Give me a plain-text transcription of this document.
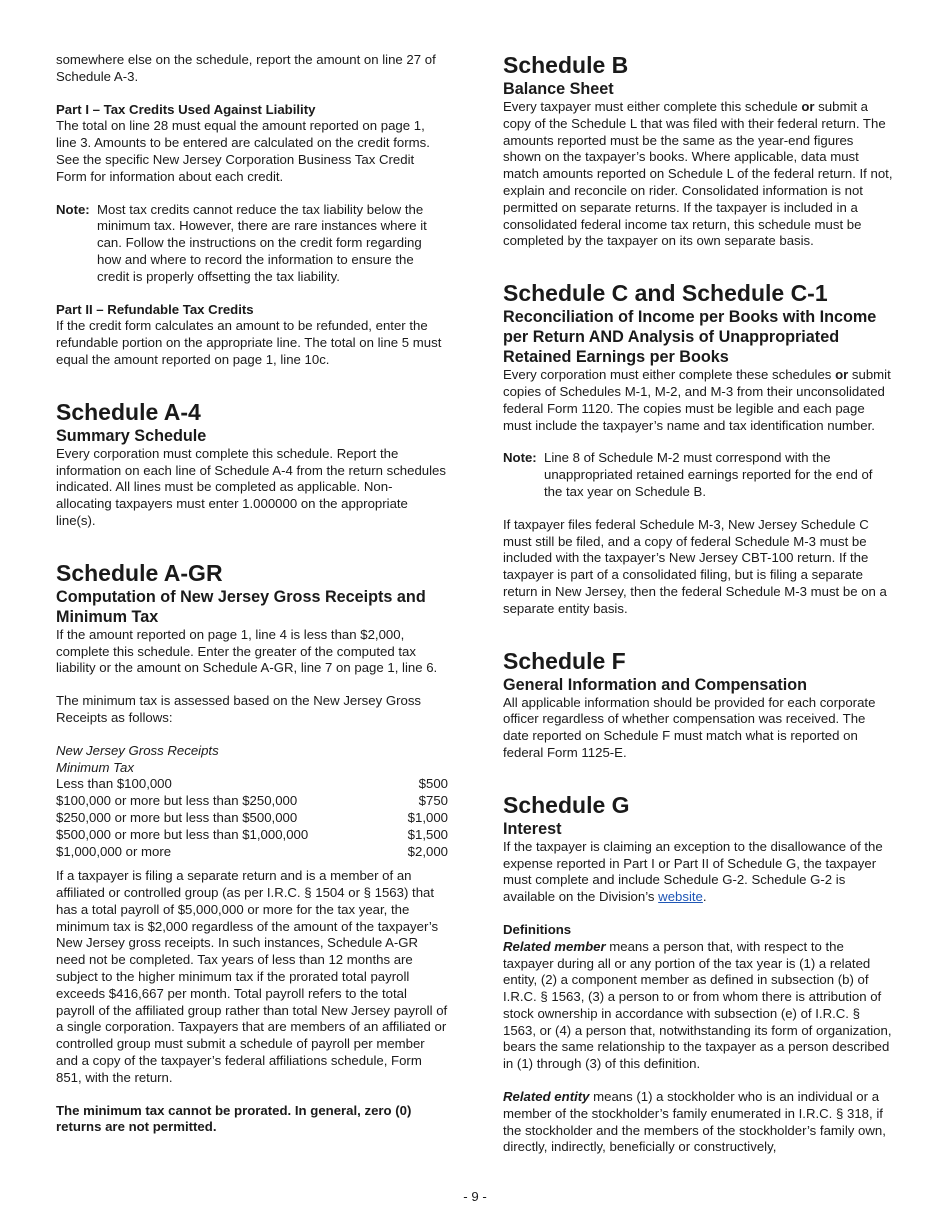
somewhere else on the schedule, report the amount on line 27 of Schedule A-3.

Part I – Tax Credits Used Against Liability

The total on line 28 must equal the amount reported on page 1, line 3. Amounts to be entered are calculated on the credit forms. See the specific New Jersey Corporation Business Tax Credit Form for information about each credit.

Note: Most tax credits cannot reduce the tax liability below the minimum tax. However, there are rare instances where it can. Follow the instructions on the credit form regarding how and where to record the information to ensure the credit is properly offsetting the tax liability.

Part II – Refundable Tax Credits

If the credit form calculates an amount to be refunded, enter the refundable portion on the appropriate line. The total on line 5 must equal the amount reported on page 1, line 10c.

Schedule A-4
Summary Schedule

Every corporation must complete this schedule. Report the information on each line of Schedule A-4 from the return schedules indicated. All lines must be completed as applicable. Non-allocating taxpayers must enter 1.000000 on the appropriate line(s).

Schedule A-GR
Computation of New Jersey Gross Receipts and Minimum Tax

If the amount reported on page 1, line 4 is less than $2,000, complete this schedule. Enter the greater of the computed tax liability or the amount on Schedule A-GR, line 7 on page 1, line 6.

The minimum tax is assessed based on the New Jersey Gross Receipts as follows:

New Jersey Gross Receipts

Minimum Tax

Less than $100,000	$500
$100,000 or more but less than $250,000	$750
$250,000 or more but less than $500,000	$1,000
$500,000 or more but less than $1,000,000	$1,500
$1,000,000 or more	$2,000

If a taxpayer is filing a separate return and is a member of an affiliated or controlled group (as per I.R.C. § 1504 or § 1563) that has a total payroll of $5,000,000 or more for the tax year, the minimum tax is $2,000 regardless of the amount of the taxpayer’s New Jersey gross receipts. In such instances, Schedule A-GR need not be completed. Tax years of less than 12 months are subject to the higher minimum tax if the prorated total payroll exceeds $416,667 per month. Total payroll refers to the total payroll of the affiliated group rather than total New Jersey payroll of a single corporation. Taxpayers that are members of an affiliated or controlled group must submit a schedule of payroll per member and a copy of the taxpayer’s federal affiliations schedule, Form 851, with the return.

The minimum tax cannot be prorated. In general, zero (0) returns are not permitted.

Schedule B
Balance Sheet

Every taxpayer must either complete this schedule or submit a copy of the Schedule L that was filed with their federal return. The amounts reported must be the same as the year-end figures shown on the taxpayer’s books. Where applicable, data must match amounts reported on Schedule L of the federal return. If not, explain and reconcile on rider. Consolidated information is not permitted on separate returns. If the taxpayer is included in a consolidated federal income tax return, this schedule must be completed by the taxpayer on its own separate basis.

Schedule C and Schedule C-1
Reconciliation of Income per Books with Income per Return AND Analysis of Unappropriated Retained Earnings per Books

Every corporation must either complete these schedules or submit copies of Schedules M-1, M-2, and M-3 from their unconsolidated federal Form 1120. The copies must be legible and each page must include the taxpayer’s name and tax identification number.

Note: Line 8 of Schedule M-2 must correspond with the unappropriated retained earnings reported for the end of the tax year on Schedule B.

If taxpayer files federal Schedule M-3, New Jersey Schedule C must still be filed, and a copy of federal Schedule M-3 must be included with the taxpayer’s New Jersey CBT-100 return. If the taxpayer is part of a consolidated filing, but is filing a separate return in New Jersey, then the federal Schedule M-3 must be on a separate entity basis.

Schedule F
General Information and Compensation

All applicable information should be provided for each corporate officer regardless of whether compensation was received. The date reported on Schedule F must match what is reported on federal Form 1125-E.

Schedule G
Interest

If the taxpayer is claiming an exception to the disallowance of the expense reported in Part I or Part II of Schedule G, the taxpayer must complete and include Schedule G-2. Schedule G-2 is available on the Division’s website.

Definitions

Related member means a person that, with respect to the taxpayer during all or any portion of the tax year is (1) a related entity, (2) a component member as defined in subsection (b) of I.R.C. § 1563, (3) a person to or from whom there is attribution of stock ownership in accordance with subsection (e) of I.R.C. § 1563, or (4) a person that, notwithstanding its form of organization, bears the same relationship to the taxpayer as a person described in (1) through (3) of this definition.

Related entity means (1) a stockholder who is an individual or a member of the stockholder’s family enumerated in I.R.C. § 318, if the stockholder and the members of the stockholder’s family own, directly, indirectly, beneficially or constructively,

- 9 -
